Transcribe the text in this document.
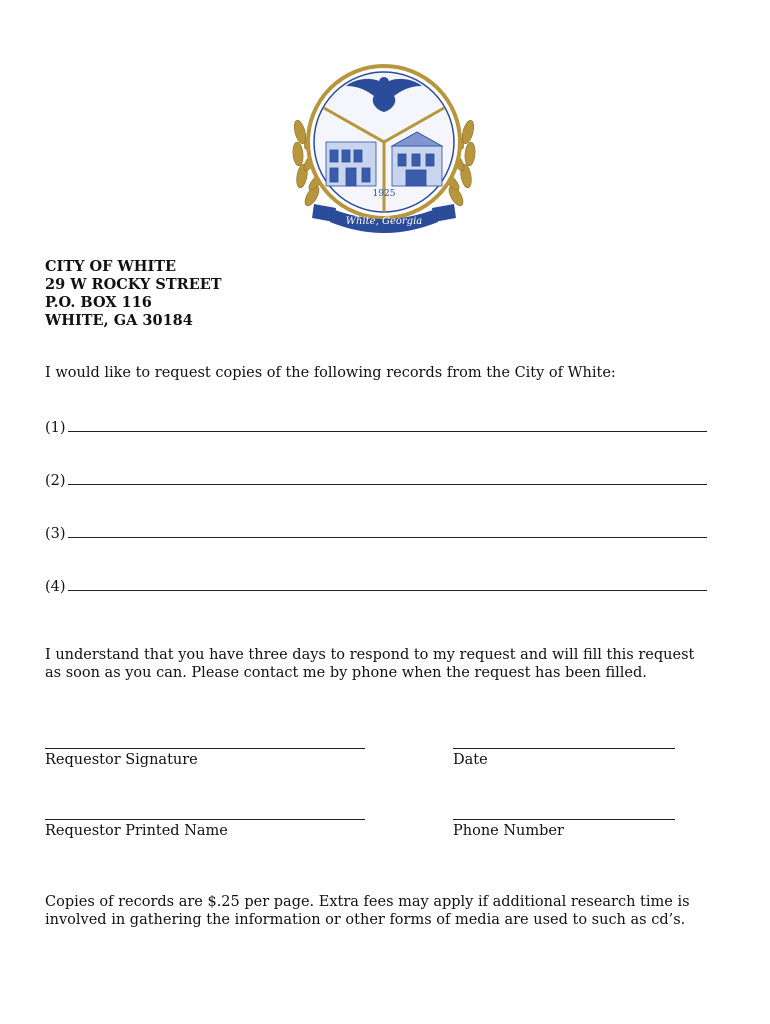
1925
White, Georgia
CITY OF WHITE
29 W ROCKY STREET
P.O. BOX 116
WHITE, GA 30184
I would like to request copies of the following records from the City of White:
(1)
(2)
(3)
(4)
I understand that you have three days to respond to my request and will fill this request as soon as you can. Please contact me by phone when the request has been filled.
Requestor Signature	Date
Requestor Printed Name	Phone Number
Copies of records are $.25 per page. Extra fees may apply if additional research time is involved in gathering the information or other forms of media are used to such as cd’s.
